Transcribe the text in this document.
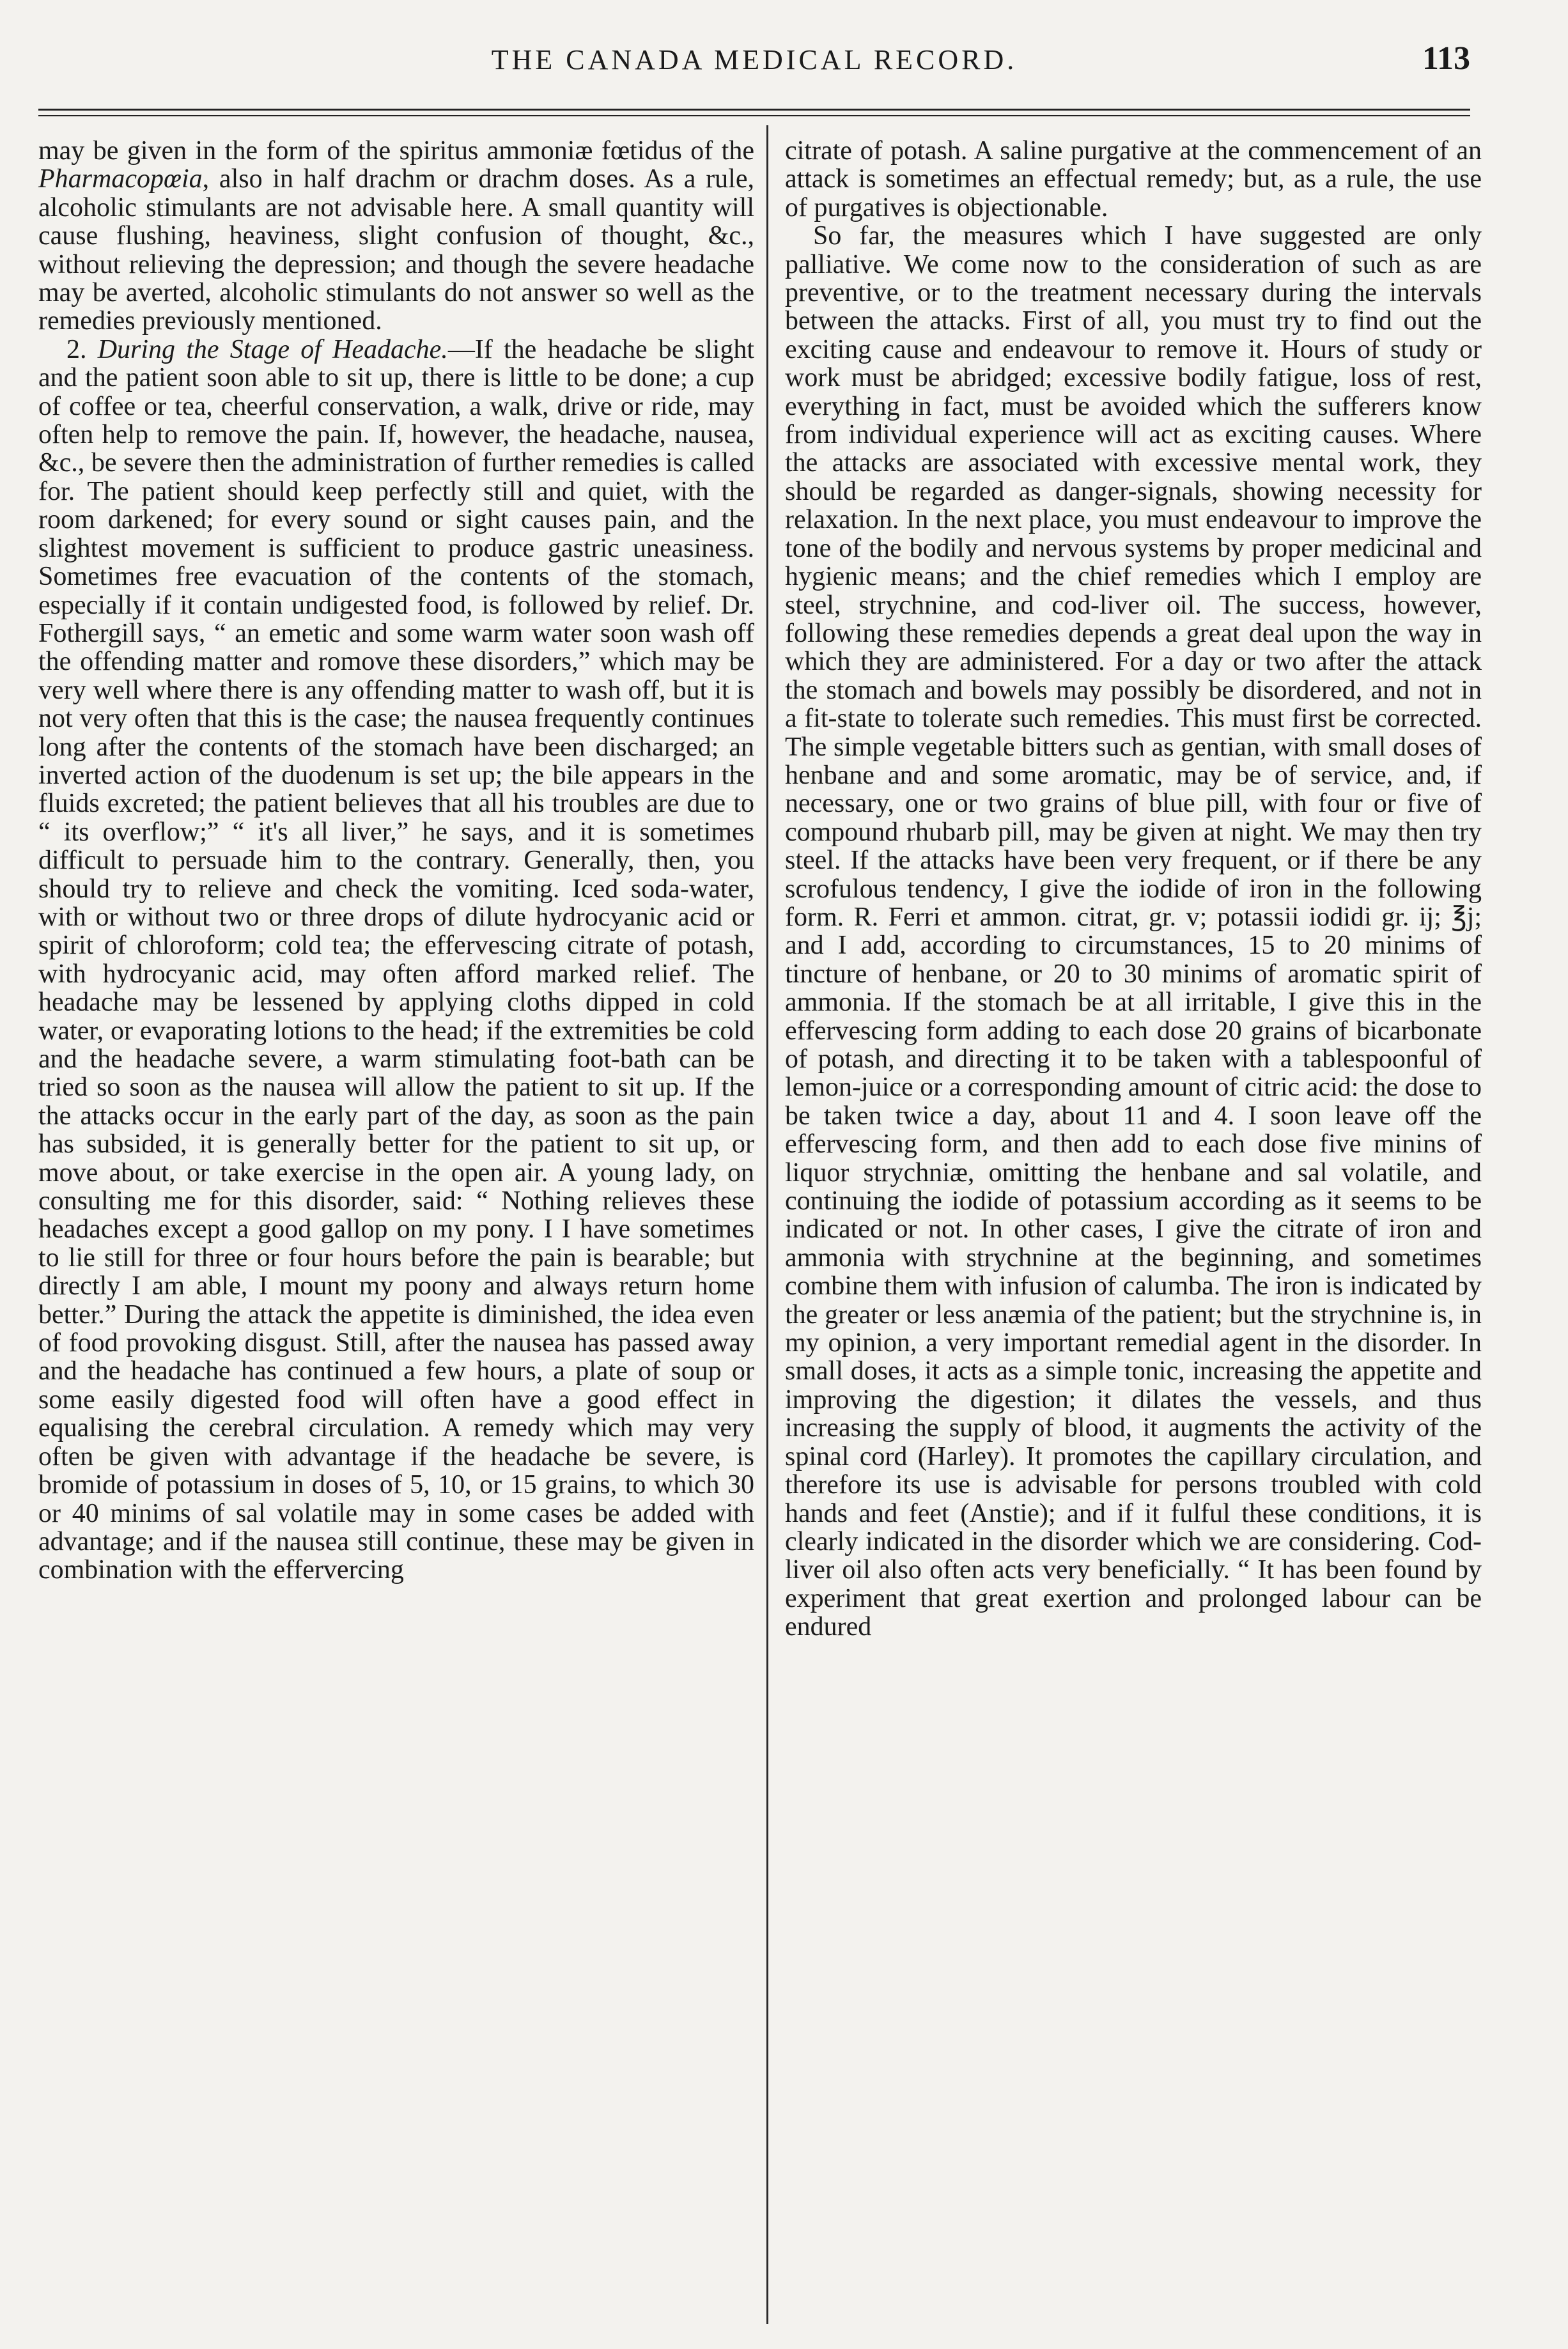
THE CANADA MEDICAL RECORD.	113

may be given in the form of the spiritus ammoniæ fœtidus of the Pharmacopœia, also in half drachm or drachm doses. As a rule, alcoholic stimulants are not advisable here. A small quantity will cause flushing, heaviness, slight confusion of thought, &c., without relieving the depression; and though the severe headache may be averted, alcoholic stimulants do not answer so well as the remedies previously mentioned.

2. During the Stage of Headache.—If the headache be slight and the patient soon able to sit up, there is little to be done; a cup of coffee or tea, cheerful conservation, a walk, drive or ride, may often help to remove the pain. If, however, the headache, nausea, &c., be severe then the administration of further remedies is called for. The patient should keep perfectly still and quiet, with the room darkened; for every sound or sight causes pain, and the slightest movement is sufficient to produce gastric uneasiness. Sometimes free evacuation of the contents of the stomach, especially if it contain undigested food, is followed by relief. Dr. Fothergill says, “ an emetic and some warm water soon wash off the offending matter and romove these disorders,” which may be very well where there is any offending matter to wash off, but it is not very often that this is the case; the nausea frequently continues long after the contents of the stomach have been discharged; an inverted action of the duodenum is set up; the bile appears in the fluids excreted; the patient believes that all his troubles are due to “ its overflow;” “ it's all liver,” he says, and it is sometimes difficult to persuade him to the contrary. Generally, then, you should try to relieve and check the vomiting. Iced soda-water, with or without two or three drops of dilute hydrocyanic acid or spirit of chloroform; cold tea; the effervescing citrate of potash, with hydrocyanic acid, may often afford marked relief. The headache may be lessened by applying cloths dipped in cold water, or evaporating lotions to the head; if the extremities be cold and the headache severe, a warm stimulating foot-bath can be tried so soon as the nausea will allow the patient to sit up. If the the attacks occur in the early part of the day, as soon as the pain has subsided, it is generally better for the patient to sit up, or move about, or take exercise in the open air. A young lady, on consulting me for this disorder, said: “ Nothing relieves these headaches except a good gallop on my pony. I I have sometimes to lie still for three or four hours before the pain is bearable; but directly I am able, I mount my poony and always return home better.” During the attack the appetite is diminished, the idea even of food provoking disgust. Still, after the nausea has passed away and the headache has continued a few hours, a plate of soup or some easily digested food will often have a good effect in equalising the cerebral circulation. A remedy which may very often be given with advantage if the headache be severe, is bromide of potassium in doses of 5, 10, or 15 grains, to which 30 or 40 minims of sal volatile may in some cases be added with advantage; and if the nausea still continue, these may be given in combination with the effervercing

citrate of potash. A saline purgative at the commencement of an attack is sometimes an effectual remedy; but, as a rule, the use of purgatives is objectionable.

So far, the measures which I have suggested are only palliative. We come now to the consideration of such as are preventive, or to the treatment necessary during the intervals between the attacks. First of all, you must try to find out the exciting cause and endeavour to remove it. Hours of study or work must be abridged; excessive bodily fatigue, loss of rest, everything in fact, must be avoided which the sufferers know from individual experience will act as exciting causes. Where the attacks are associated with excessive mental work, they should be regarded as danger-signals, showing necessity for relaxation. In the next place, you must endeavour to improve the tone of the bodily and nervous systems by proper medicinal and hygienic means; and the chief remedies which I employ are steel, strychnine, and cod-liver oil. The success, however, following these remedies depends a great deal upon the way in which they are administered. For a day or two after the attack the stomach and bowels may possibly be disordered, and not in a fit-state to tolerate such remedies. This must first be corrected. The simple vegetable bitters such as gentian, with small doses of henbane and and some aromatic, may be of service, and, if necessary, one or two grains of blue pill, with four or five of compound rhubarb pill, may be given at night. We may then try steel. If the attacks have been very frequent, or if there be any scrofulous tendency, I give the iodide of iron in the following form. R. Ferri et ammon. citrat, gr. v; potassii iodidi gr. ij; ℥j; and I add, according to circumstances, 15 to 20 minims of tincture of henbane, or 20 to 30 minims of aromatic spirit of ammonia. If the stomach be at all irritable, I give this in the effervescing form adding to each dose 20 grains of bicarbonate of potash, and directing it to be taken with a tablespoonful of lemon-juice or a corresponding amount of citric acid: the dose to be taken twice a day, about 11 and 4. I soon leave off the effervescing form, and then add to each dose five minins of liquor strychniæ, omitting the henbane and sal volatile, and continuing the iodide of potassium according as it seems to be indicated or not. In other cases, I give the citrate of iron and ammonia with strychnine at the beginning, and sometimes combine them with infusion of calumba. The iron is indicated by the greater or less anæmia of the patient; but the strychnine is, in my opinion, a very important remedial agent in the disorder. In small doses, it acts as a simple tonic, increasing the appetite and improving the digestion; it dilates the vessels, and thus increasing the supply of blood, it augments the activity of the spinal cord (Harley). It promotes the capillary circulation, and therefore its use is advisable for persons troubled with cold hands and feet (Anstie); and if it fulful these conditions, it is clearly indicated in the disorder which we are considering. Cod-liver oil also often acts very beneficially. “ It has been found by experiment that great exertion and prolonged labour can be endured
